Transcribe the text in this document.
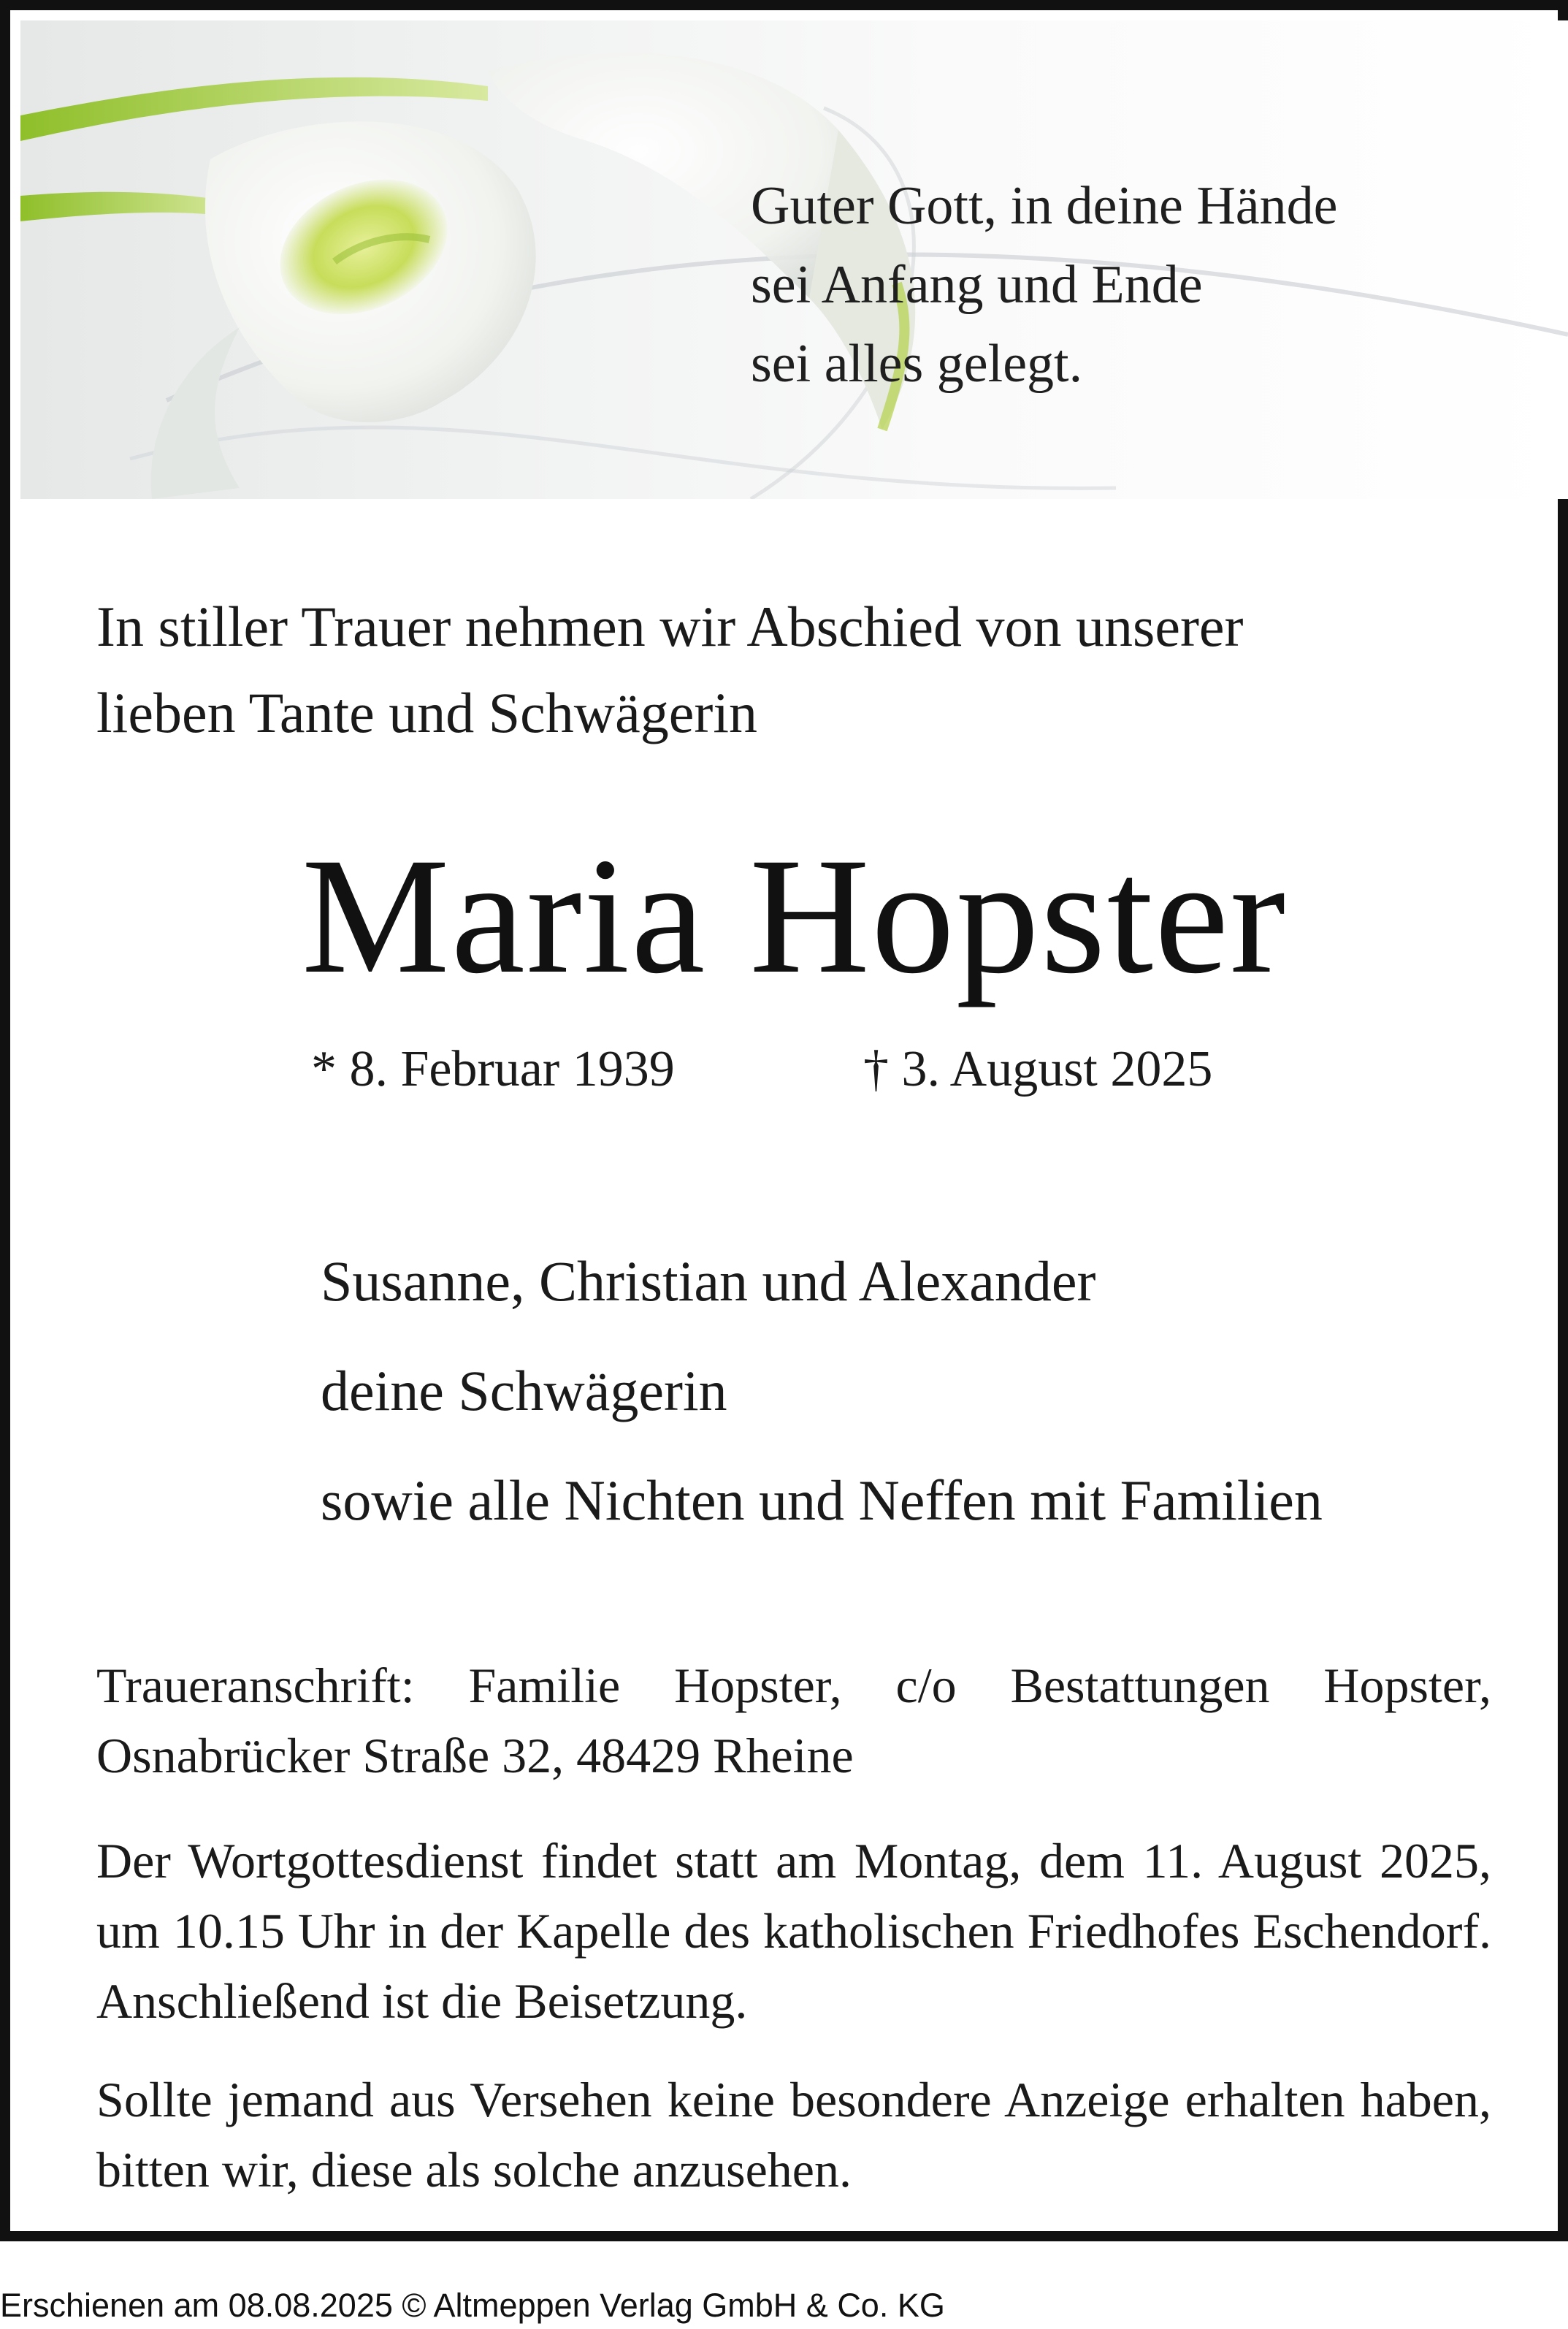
Guter Gott, in deine Hände
sei Anfang und Ende
sei alles gelegt.
In stiller Trauer nehmen wir Abschied von unserer
lieben Tante und Schwägerin
Maria Hopster
* 8. Februar 1939	† 3. August 2025
Susanne, Christian und Alexander
deine Schwägerin
sowie alle Nichten und Neffen mit Familien
Traueranschrift: Familie Hopster, c/o Bestattungen Hopster, Osnabrücker Straße 32, 48429 Rheine
Der Wortgottesdienst findet statt am Montag, dem 11. August 2025, um 10.15 Uhr in der Kapelle des katholischen Friedhofes Eschendorf. Anschließend ist die Beisetzung.
Sollte jemand aus Versehen keine besondere Anzeige erhalten haben, bitten wir, diese als solche anzusehen.
Erschienen am 08.08.2025 © Altmeppen Verlag GmbH & Co. KG
